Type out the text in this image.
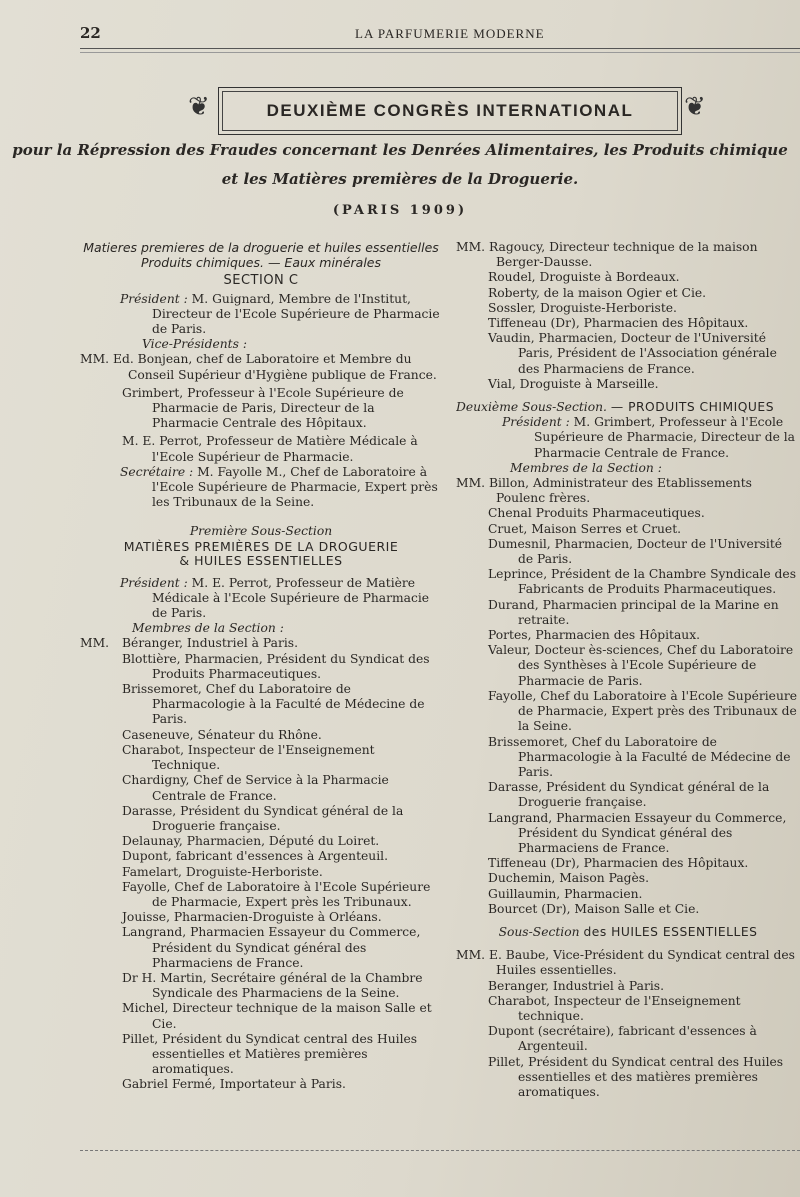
22	LA PARFUMERIE MODERNE
❦	DEUXIÈME CONGRÈS INTERNATIONAL	❦
pour la Répression des Fraudes concernant les Denrées Alimentaires, les Produits chimique
et les Matières premières de la Droguerie.
(PARIS 1909)

Matieres premieres de la droguerie et huiles essentielles

Produits chimiques. — Eaux minérales

SECTION C

Président : M. Guignard, Membre de l'Institut, Directeur de l'Ecole Supérieure de Pharmacie de Paris.

Vice-Présidents :

MM. Ed. Bonjean, chef de Laboratoire et Membre du Conseil Supérieur d'Hygiène publique de France.

Grimbert, Professeur à l'Ecole Supérieure de Pharmacie de Paris, Directeur de la Pharmacie Centrale des Hôpitaux.

M. E. Perrot, Professeur de Matière Médicale à l'Ecole Supérieur de Pharmacie.

Secrétaire : M. Fayolle M., Chef de Laboratoire à l'Ecole Supérieure de Pharmacie, Expert près les Tribunaux de la Seine.

Première Sous-Section

MATIÈRES PREMIÈRES DE LA DROGUERIE

& HUILES ESSENTIELLES

Président : M. E. Perrot, Professeur de Matière Médicale à l'Ecole Supérieure de Pharmacie de Paris.

Membres de la Section :

MM. Béranger, Industriel à Paris.

Blottière, Pharmacien, Président du Syndicat des Produits Pharmaceutiques.

Brissemoret, Chef du Laboratoire de Pharmacologie à la Faculté de Médecine de Paris.

Caseneuve, Sénateur du Rhône.

Charabot, Inspecteur de l'Enseignement Technique.

Chardigny, Chef de Service à la Pharmacie Centrale de France.

Darasse, Président du Syndicat général de la Droguerie française.

Delaunay, Pharmacien, Député du Loiret.

Dupont, fabricant d'essences à Argenteuil.

Famelart, Droguiste-Herboriste.

Fayolle, Chef de Laboratoire à l'Ecole Supérieure de Pharmacie, Expert près les Tribunaux.

Jouisse, Pharmacien-Droguiste à Orléans.

Langrand, Pharmacien Essayeur du Commerce, Président du Syndicat général des Pharmaciens de France.

Dr H. Martin, Secrétaire général de la Chambre Syndicale des Pharmaciens de la Seine.

Michel, Directeur technique de la maison Salle et Cie.

Pillet, Président du Syndicat central des Huiles essentielles et Matières premières aromatiques.

Gabriel Fermé, Importateur à Paris.

MM. Ragoucy, Directeur technique de la maison Berger-Dausse.

Roudel, Droguiste à Bordeaux.

Roberty, de la maison Ogier et Cie.

Sossler, Droguiste-Herboriste.

Tiffeneau (Dr), Pharmacien des Hôpitaux.

Vaudin, Pharmacien, Docteur de l'Université Paris, Président de l'Association générale des Pharmaciens de France.

Vial, Droguiste à Marseille.

Deuxième Sous-Section. — PRODUITS CHIMIQUES

Président : M. Grimbert, Professeur à l'Ecole Supérieure de Pharmacie, Directeur de la Pharmacie Centrale de France.

Membres de la Section :

MM. Billon, Administrateur des Etablissements Poulenc frères.

Chenal Produits Pharmaceutiques.

Cruet, Maison Serres et Cruet.

Dumesnil, Pharmacien, Docteur de l'Université de Paris.

Leprince, Président de la Chambre Syndicale des Fabricants de Produits Pharmaceutiques.

Durand, Pharmacien principal de la Marine en retraite.

Portes, Pharmacien des Hôpitaux.

Valeur, Docteur ès-sciences, Chef du Laboratoire des Synthèses à l'Ecole Supérieure de Pharmacie de Paris.

Fayolle, Chef du Laboratoire à l'Ecole Supérieure de Pharmacie, Expert près des Tribunaux de la Seine.

Brissemoret, Chef du Laboratoire de Pharmacologie à la Faculté de Médecine de Paris.

Darasse, Président du Syndicat général de la Droguerie française.

Langrand, Pharmacien Essayeur du Commerce, Président du Syndicat général des Pharmaciens de France.

Tiffeneau (Dr), Pharmacien des Hôpitaux.

Duchemin, Maison Pagès.

Guillaumin, Pharmacien.

Bourcet (Dr), Maison Salle et Cie.

Sous-Section des HUILES ESSENTIELLES

MM. E. Baube, Vice-Président du Syndicat central des Huiles essentielles.

Beranger, Industriel à Paris.

Charabot, Inspecteur de l'Enseignement technique.

Dupont (secrétaire), fabricant d'essences à Argenteuil.

Pillet, Président du Syndicat central des Huiles essentielles et des matières premières aromatiques.
